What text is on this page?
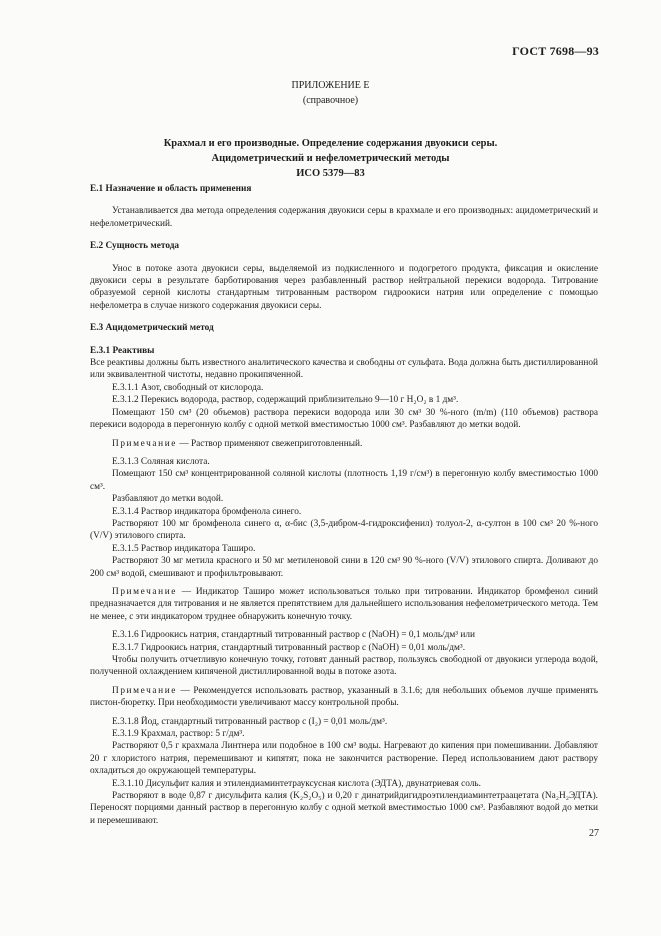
ГОСТ 7698—93
ПРИЛОЖЕНИЕ Е
(справочное)
Крахмал и его производные. Определение содержания двуокиси серы.
Ацидометрический и нефелометрический методы
ИСО 5379—83

Е.1 Назначение и область применения

Устанавливается два метода определения содержания двуокиси серы в крахмале и его производных: ацидометрический и нефелометрический.

Е.2 Сущность метода

Унос в потоке азота двуокиси серы, выделяемой из подкисленного и подогретого продукта, фиксация и окисление двуокиси серы в результате барботирования через разбавленный раствор нейтральной перекиси водорода. Титрование образуемой серной кислоты стандартным титрованным раствором гидроокиси натрия или определение с помощью нефелометра в случае низкого содержания двуокиси серы.

Е.3 Ацидометрический метод

Е.3.1 Реактивы

Все реактивы должны быть известного аналитического качества и свободны от сульфата. Вода должна быть дистиллированной или эквивалентной чистоты, недавно прокипяченной.

Е.3.1.1 Азот, свободный от кислорода.

Е.3.1.2 Перекись водорода, раствор, содержащий приблизительно 9—10 г H₂O₂ в 1 дм³.

Помещают 150 см³ (20 объемов) раствора перекиси водорода или 30 см³ 30 %-ного (m/m) (110 объемов) раствора перекиси водорода в перегонную колбу с одной меткой вместимостью 1000 см³. Разбавляют до метки водой.

Примечание — Раствор применяют свежеприготовленный.

Е.3.1.3 Соляная кислота.

Помещают 150 см³ концентрированной соляной кислоты (плотность 1,19 г/см³) в перегонную колбу вместимостью 1000 см³.

Разбавляют до метки водой.

Е.3.1.4 Раствор индикатора бромфенола синего.

Растворяют 100 мг бромфенола синего α, α-бис (3,5-дибром-4-гидроксифенил) толуол-2, α-султон в 100 см³ 20 %-ного (V/V) этилового спирта.

Е.3.1.5 Раствор индикатора Таширо.

Растворяют 30 мг метила красного и 50 мг метиленовой сини в 120 см³ 90 %-ного (V/V) этилового спирта. Доливают до 200 см³ водой, смешивают и профильтровывают.

Примечание — Индикатор Таширо может использоваться только при титровании. Индикатор бромфенол синий предназначается для титрования и не является препятствием для дальнейшего использования нефелометрического метода. Тем не менее, с эти индикатором труднее обнаружить конечную точку.

Е.3.1.6 Гидроокись натрия, стандартный титрованный раствор c (NaOH) = 0,1 моль/дм³ или

Е.3.1.7 Гидроокись натрия, стандартный титрованный раствор c (NaOH) = 0,01 моль/дм³.

Чтобы получить отчетливую конечную точку, готовят данный раствор, пользуясь свободной от двуокиси углерода водой, полученной охлаждением кипяченой дистиллированной воды в потоке азота.

Примечание — Рекомендуется использовать раствор, указанный в 3.1.6; для небольших объемов лучше применять пистон-бюретку. При необходимости увеличивают массу контрольной пробы.

Е.3.1.8 Йод, стандартный титрованный раствор c (I₂) = 0,01 моль/дм³.

Е.3.1.9 Крахмал, раствор: 5 г/дм³.

Растворяют 0,5 г крахмала Линтнера или подобное в 100 см³ воды. Нагревают до кипения при помешивании. Добавляют 20 г хлористого натрия, перемешивают и кипятят, пока не закончится растворение. Перед использованием дают раствору охладиться до окружающей температуры.

Е.3.1.10 Дисульфит калия и этилендиаминтетрауксусная кислота (ЭДТА), двунатриевая соль.

Растворяют в воде 0,87 г дисульфита калия (K₂S₂O₅) и 0,20 г динатрийдигидроэтилендиаминтетраацетата (Na₂H₂ЭДТА). Переносят порциями данный раствор в перегонную колбу с одной меткой вместимостью 1000 см³. Разбавляют водой до метки и перемешивают.

27
